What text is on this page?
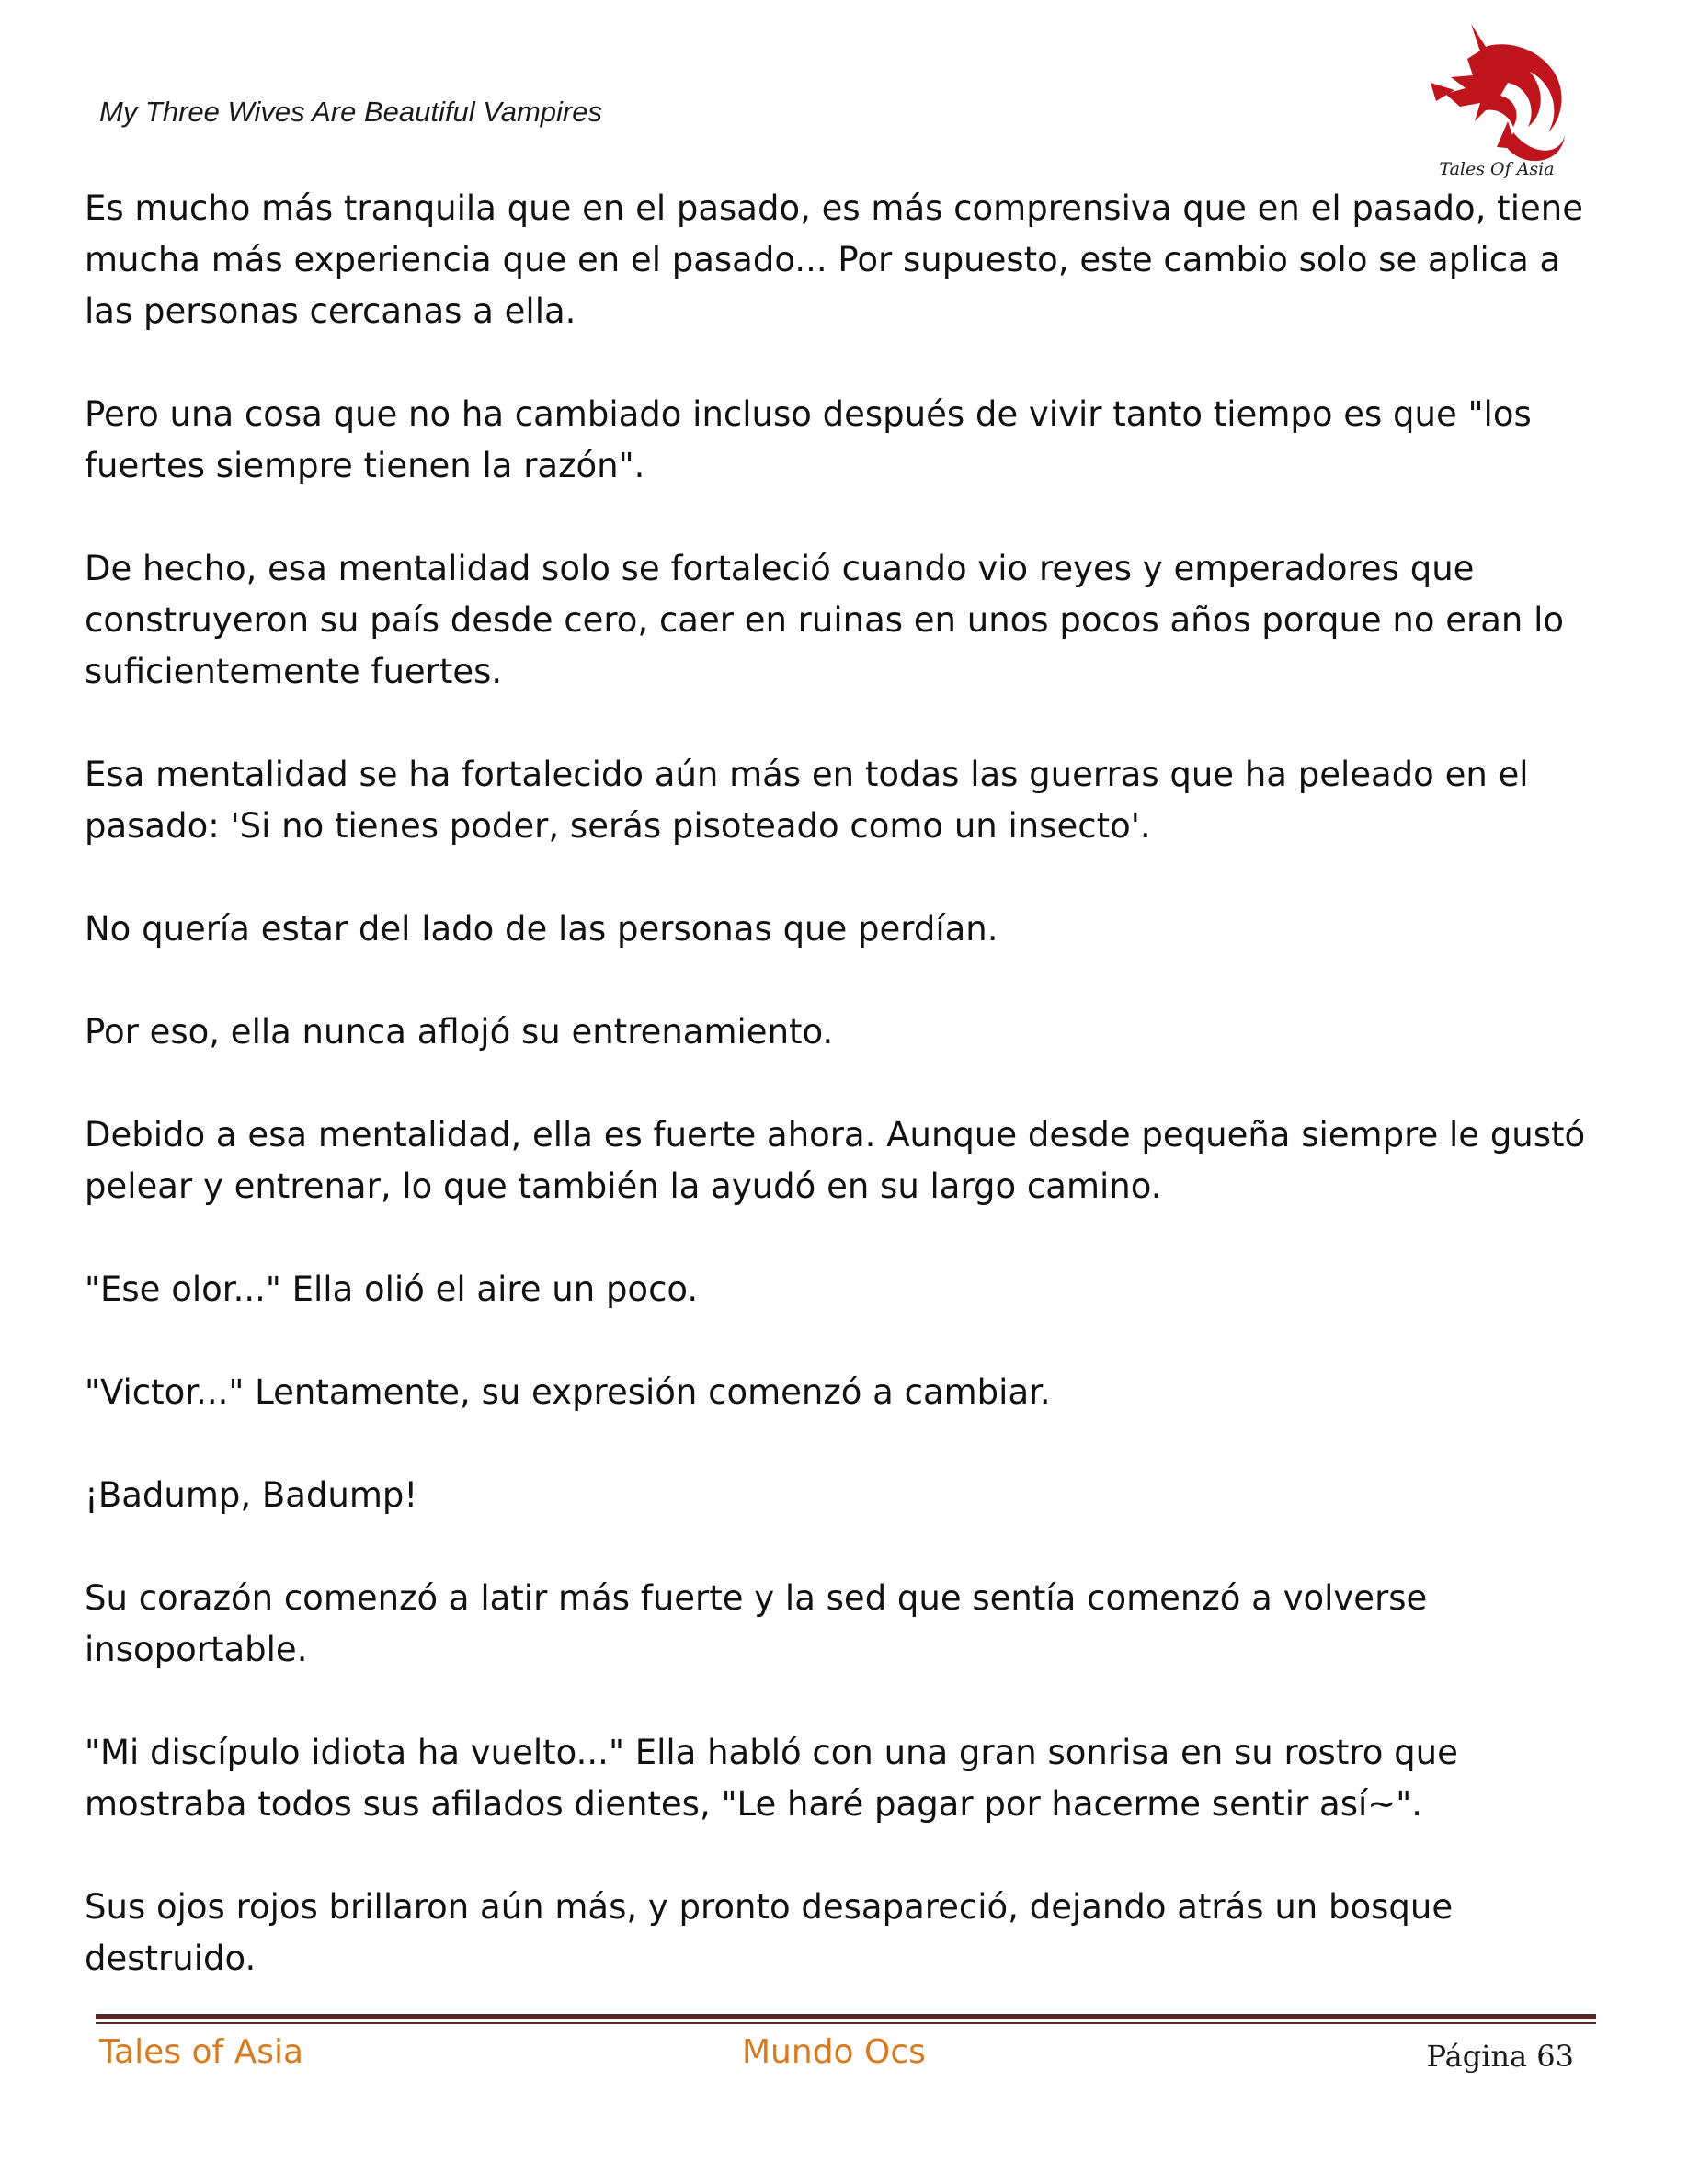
My Three Wives Are Beautiful Vampires
Tales Of Asia

Es mucho más tranquila que en el pasado, es más comprensiva que en el pasado, tiene mucha más experiencia que en el pasado... Por supuesto, este cambio solo se aplica a las personas cercanas a ella.

Pero una cosa que no ha cambiado incluso después de vivir tanto tiempo es que "los fuertes siempre tienen la razón".

De hecho, esa mentalidad solo se fortaleció cuando vio reyes y emperadores que construyeron su país desde cero, caer en ruinas en unos pocos años porque no eran lo suficientemente fuertes.

Esa mentalidad se ha fortalecido aún más en todas las guerras que ha peleado en el pasado: 'Si no tienes poder, serás pisoteado como un insecto'.

No quería estar del lado de las personas que perdían.

Por eso, ella nunca aflojó su entrenamiento.

Debido a esa mentalidad, ella es fuerte ahora. Aunque desde pequeña siempre le gustó pelear y entrenar, lo que también la ayudó en su largo camino.

"Ese olor..." Ella olió el aire un poco.

"Victor..." Lentamente, su expresión comenzó a cambiar.

¡Badump, Badump!

Su corazón comenzó a latir más fuerte y la sed que sentía comenzó a volverse insoportable.

"Mi discípulo idiota ha vuelto..." Ella habló con una gran sonrisa en su rostro que mostraba todos sus afilados dientes, "Le haré pagar por hacerme sentir así~".

Sus ojos rojos brillaron aún más, y pronto desapareció, dejando atrás un bosque destruido.

Tales of Asia	Mundo Ocs	Página 63
